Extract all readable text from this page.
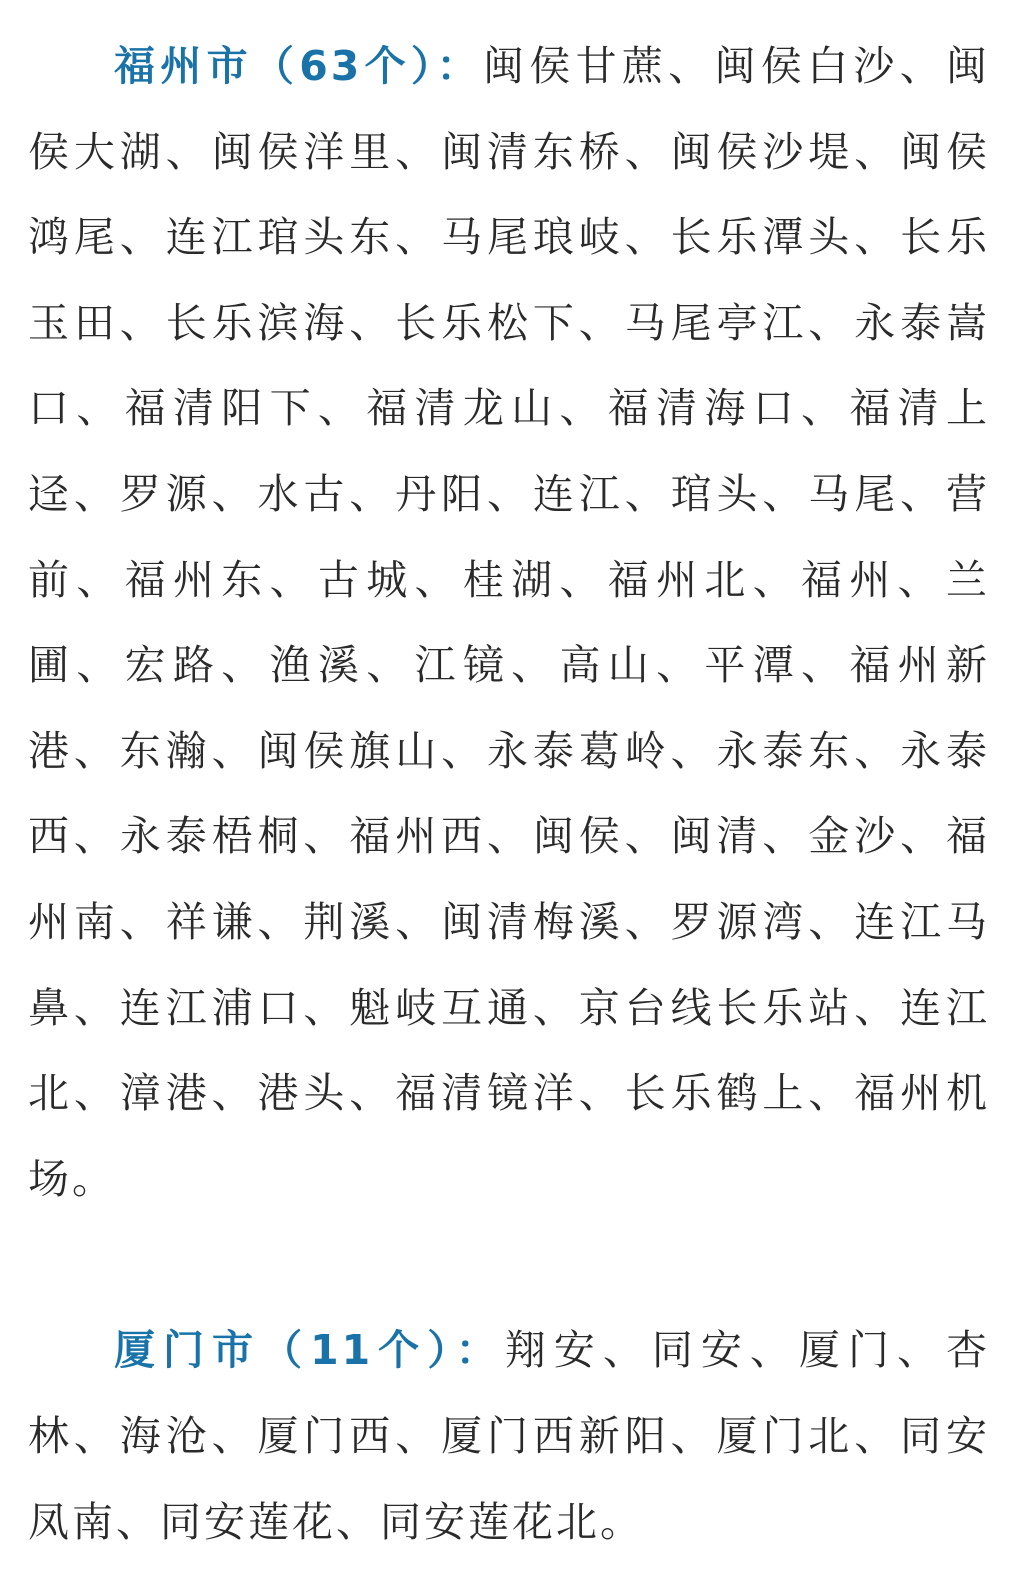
福州市（63个）：闽侯甘蔗、闽侯白沙、闽侯大湖、闽侯洋里、闽清东桥、闽侯沙堤、闽侯鸿尾、连江琯头东、马尾琅岐、长乐潭头、长乐玉田、长乐滨海、长乐松下、马尾亭江、永泰嵩口、福清阳下、福清龙山、福清海口、福清上迳、罗源、水古、丹阳、连江、琯头、马尾、营前、福州东、古城、桂湖、福州北、福州、兰圃、宏路、渔溪、江镜、高山、平潭、福州新港、东瀚、闽侯旗山、永泰葛岭、永泰东、永泰西、永泰梧桐、福州西、闽侯、闽清、金沙、福州南、祥谦、荆溪、闽清梅溪、罗源湾、连江马鼻、连江浦口、魁岐互通、京台线长乐站、连江北、漳港、港头、福清镜洋、长乐鹤上、福州机场。

厦门市（11个）：翔安、同安、厦门、杏林、海沧、厦门西、厦门西新阳、厦门北、同安凤南、同安莲花、同安莲花北。
